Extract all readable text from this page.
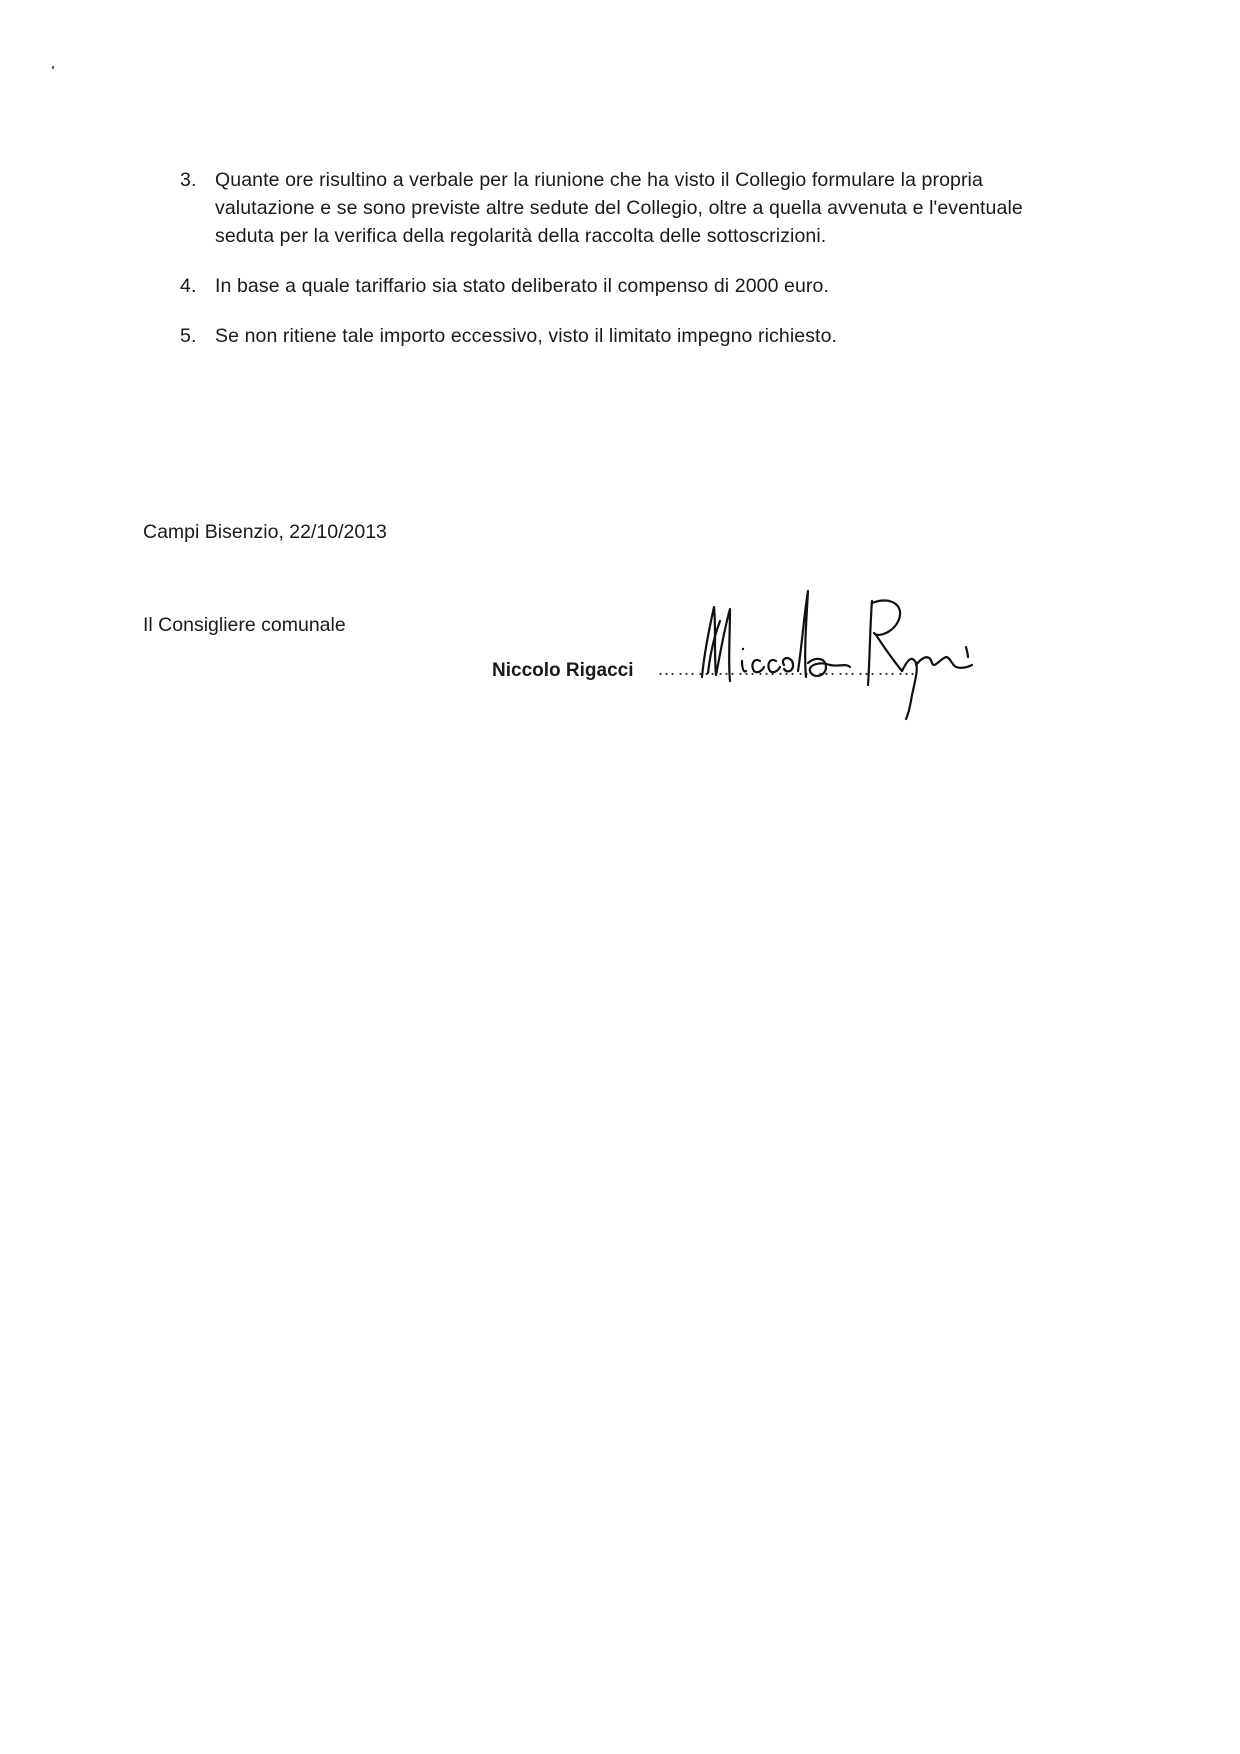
3. Quante ore risultino a verbale per la riunione che ha visto il Collegio formulare la propria valutazione e se sono previste altre sedute del Collegio, oltre a quella avvenuta e l'eventuale seduta per la verifica della regolarità della raccolta delle sottoscrizioni.
4. In base a quale tariffario sia stato deliberato il compenso di 2000 euro.
5. Se non ritiene tale importo eccessivo, visto il limitato impegno richiesto.
Campi Bisenzio, 22/10/2013
Il Consigliere comunale
Niccolo Rigacci …………………………………
